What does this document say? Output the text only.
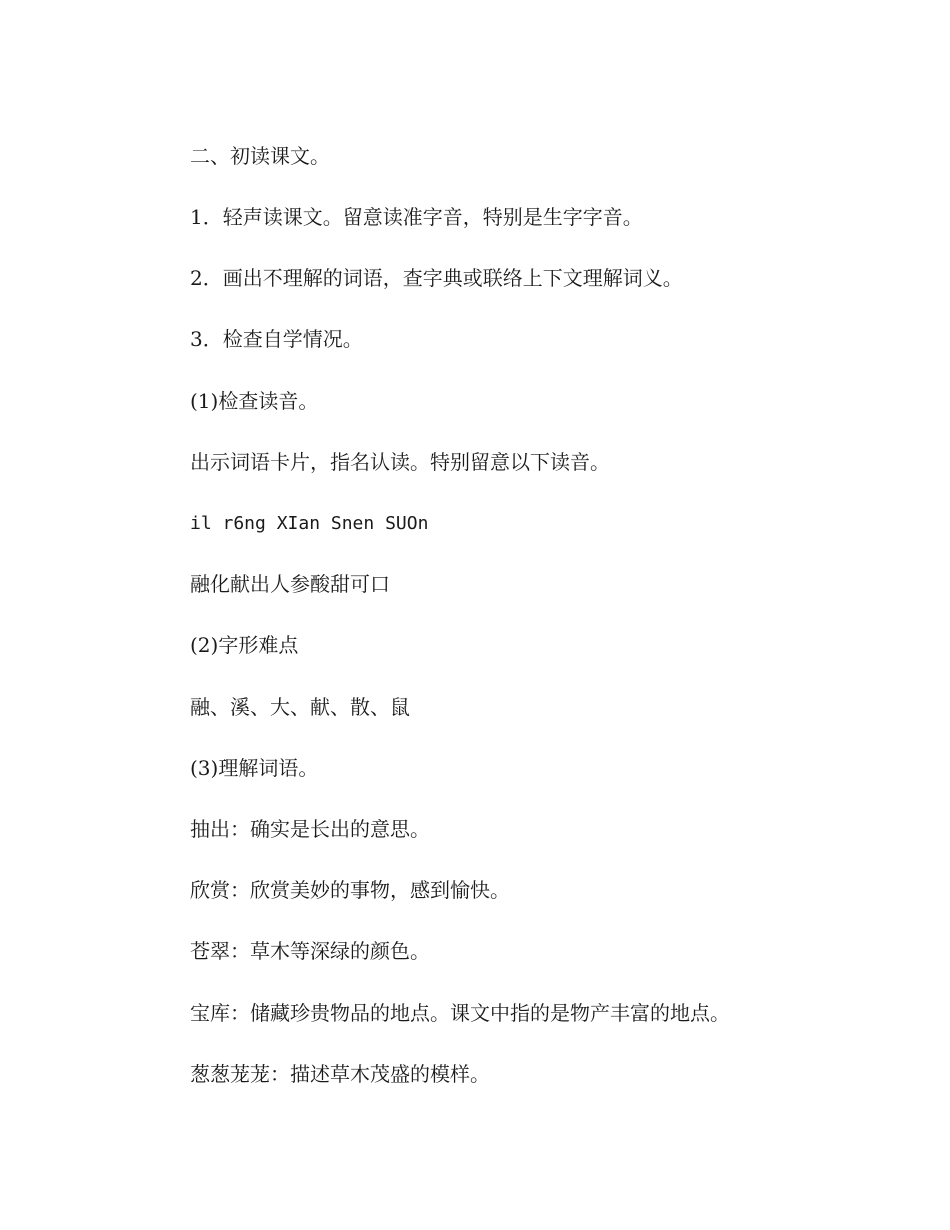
二、初读课文。

1．轻声读课文。留意读准字音，特别是生字字音。

2．画出不理解的词语，查字典或联络上下文理解词义。

3．检查自学情况。

(1)检查读音。

出示词语卡片，指名认读。特别留意以下读音。

il r6ng XIan Snen SUOn

融化献出人参酸甜可口

(2)字形难点

融、溪、大、献、散、鼠

(3)理解词语。

抽出：确实是长出的意思。

欣赏：欣赏美妙的事物，感到愉快。

苍翠：草木等深绿的颜色。

宝库：储藏珍贵物品的地点。课文中指的是物产丰富的地点。

葱葱茏茏：描述草木茂盛的模样。
